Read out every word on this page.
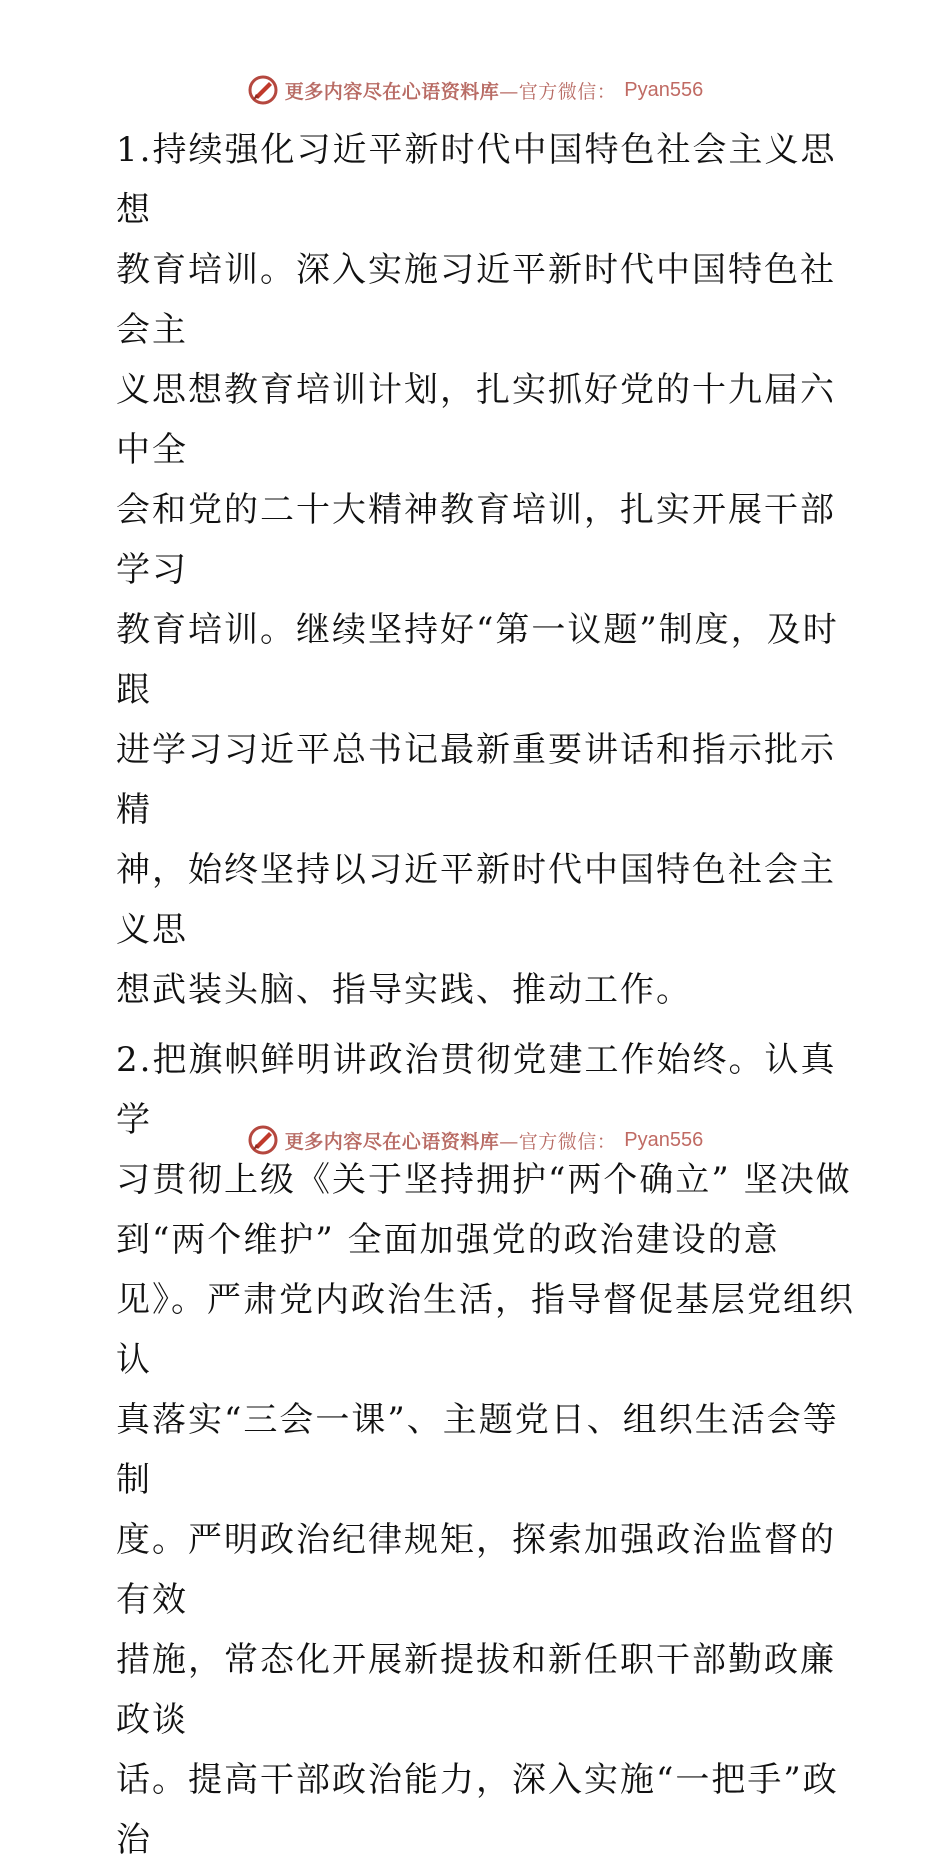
更多内容尽在心语资料库—官方微信： Pyan556

1.持续强化习近平新时代中国特色社会主义思想
教育培训。深入实施习近平新时代中国特色社会主
义思想教育培训计划，扎实抓好党的十九届六中全
会和党的二十大精神教育培训，扎实开展干部学习
教育培训。继续坚持好“第一议题”制度，及时跟
进学习习近平总书记最新重要讲话和指示批示精
神，始终坚持以习近平新时代中国特色社会主义思
想武装头脑、指导实践、推动工作。

2.把旗帜鲜明讲政治贯彻党建工作始终。认真学
习贯彻上级《关于坚持拥护“两个确立” 坚决做
到“两个维护” 全面加强党的政治建设的意
见》。严肃党内政治生活，指导督促基层党组织认
真落实“三会一课”、主题党日、组织生活会等制
度。严明政治纪律规矩，探索加强政治监督的有效
措施，常态化开展新提拔和新任职干部勤政廉政谈
话。提高干部政治能力，深入实施“一把手”政治

更多内容尽在心语资料库—官方微信： Pyan556
